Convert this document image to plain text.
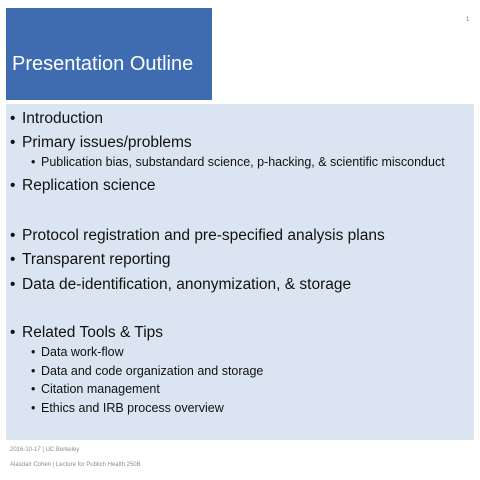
1
Presentation Outline
• Introduction
• Primary issues/problems
• Publication bias, substandard science, p-hacking, & scientific misconduct
• Replication science
• Protocol registration and pre-specified analysis plans
• Transparent reporting
• Data de-identification, anonymization, & storage
• Related Tools & Tips
• Data work-flow
• Data and code organization and storage
• Citation management
• Ethics and IRB process overview
2016-10-17 | UC Berkeley
Alasdair Cohen | Lecture for Publich Health 250B
